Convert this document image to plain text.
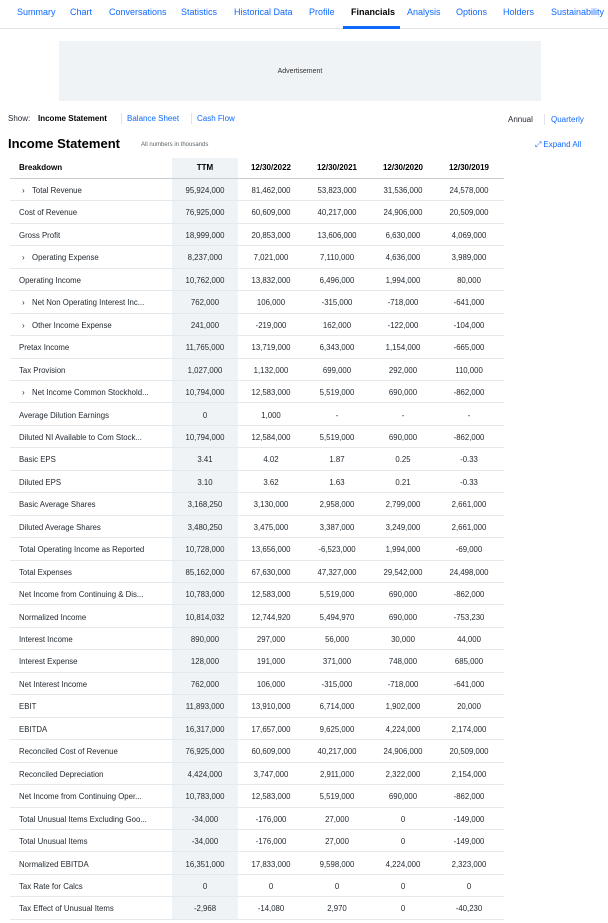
Summary Chart Conversations Statistics Historical Data Profile Financials Analysis Options Holders Sustainability
Advertisement
Show: Income Statement	Balance Sheet Cash Flow	Annual Quarterly
Income Statement	All numbers in thousands	⤢ Expand All
Breakdown	TTM	12/30/2022	12/30/2021	12/30/2020	12/30/2019
› Total Revenue	95,924,000	81,462,000	53,823,000	31,536,000	24,578,000
Cost of Revenue	76,925,000	60,609,000	40,217,000	24,906,000	20,509,000
Gross Profit	18,999,000	20,853,000	13,606,000	6,630,000	4,069,000
› Operating Expense	8,237,000	7,021,000	7,110,000	4,636,000	3,989,000
Operating Income	10,762,000	13,832,000	6,496,000	1,994,000	80,000
› Net Non Operating Interest Inc...	762,000	106,000	-315,000	-718,000	-641,000
› Other Income Expense	241,000	-219,000	162,000	-122,000	-104,000
Pretax Income	11,765,000	13,719,000	6,343,000	1,154,000	-665,000
Tax Provision	1,027,000	1,132,000	699,000	292,000	110,000
› Net Income Common Stockhold...	10,794,000	12,583,000	5,519,000	690,000	-862,000
Average Dilution Earnings	0	1,000	-	-	-
Diluted NI Available to Com Stock...	10,794,000	12,584,000	5,519,000	690,000	-862,000
Basic EPS	3.41	4.02	1.87	0.25	-0.33
Diluted EPS	3.10	3.62	1.63	0.21	-0.33
Basic Average Shares	3,168,250	3,130,000	2,958,000	2,799,000	2,661,000
Diluted Average Shares	3,480,250	3,475,000	3,387,000	3,249,000	2,661,000
Total Operating Income as Reported	10,728,000	13,656,000	-6,523,000	1,994,000	-69,000
Total Expenses	85,162,000	67,630,000	47,327,000	29,542,000	24,498,000
Net Income from Continuing & Dis...	10,783,000	12,583,000	5,519,000	690,000	-862,000
Normalized Income	10,814,032	12,744,920	5,494,970	690,000	-753,230
Interest Income	890,000	297,000	56,000	30,000	44,000
Interest Expense	128,000	191,000	371,000	748,000	685,000
Net Interest Income	762,000	106,000	-315,000	-718,000	-641,000
EBIT	11,893,000	13,910,000	6,714,000	1,902,000	20,000
EBITDA	16,317,000	17,657,000	9,625,000	4,224,000	2,174,000
Reconciled Cost of Revenue	76,925,000	60,609,000	40,217,000	24,906,000	20,509,000
Reconciled Depreciation	4,424,000	3,747,000	2,911,000	2,322,000	2,154,000
Net Income from Continuing Oper...	10,783,000	12,583,000	5,519,000	690,000	-862,000
Total Unusual Items Excluding Goo...	-34,000	-176,000	27,000	0	-149,000
Total Unusual Items	-34,000	-176,000	27,000	0	-149,000
Normalized EBITDA	16,351,000	17,833,000	9,598,000	4,224,000	2,323,000
Tax Rate for Calcs	0	0	0	0	0
Tax Effect of Unusual Items	-2,968	-14,080	2,970	0	-40,230
